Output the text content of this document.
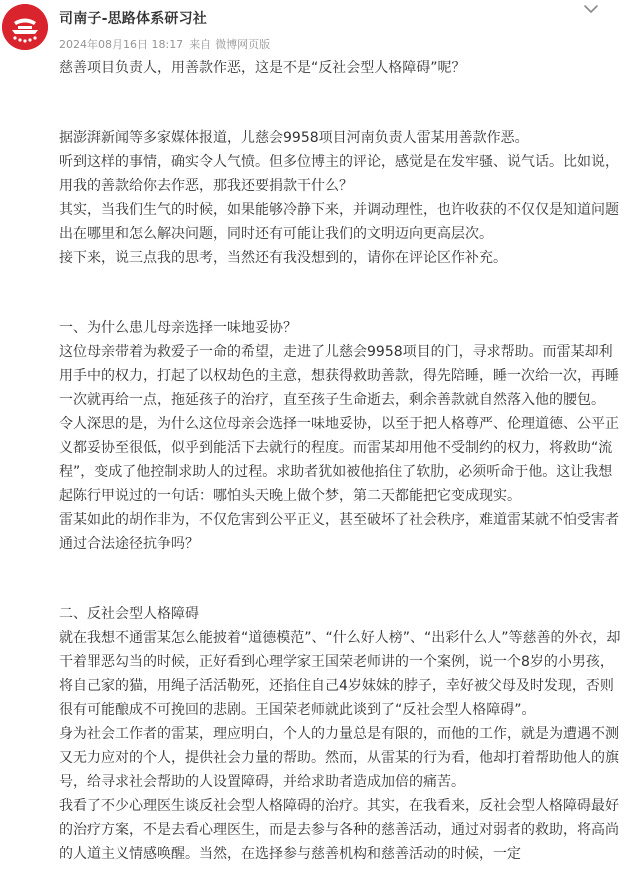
司南子-思路体系研习社
2024年08月16日 18:17 来自 微博网页版

慈善项目负责人，用善款作恶，这是不是“反社会型人格障碍”呢？

据澎湃新闻等多家媒体报道，儿慈会9958项目河南负责人雷某用善款作恶。

听到这样的事情，确实令人气愤。但多位博主的评论，感觉是在发牢骚、说气话。比如说，用我的善款给你去作恶，那我还要捐款干什么？

其实，当我们生气的时候，如果能够冷静下来，并调动理性，也许收获的不仅仅是知道问题出在哪里和怎么解决问题，同时还有可能让我们的文明迈向更高层次。

接下来，说三点我的思考，当然还有我没想到的，请你在评论区作补充。

一、为什么患儿母亲选择一味地妥协？

这位母亲带着为救爱子一命的希望，走进了儿慈会9958项目的门，寻求帮助。而雷某却利用手中的权力，打起了以权劫色的主意，想获得救助善款，得先陪睡，睡一次给一次，再睡一次就再给一点，拖延孩子的治疗，直至孩子生命逝去，剩余善款就自然落入他的腰包。

令人深思的是，为什么这位母亲会选择一味地妥协，以至于把人格尊严、伦理道德、公平正义都妥协至很低，似乎到能活下去就行的程度。而雷某却用他不受制约的权力，将救助“流程”，变成了他控制求助人的过程。求助者犹如被他掐住了软肋，必须听命于他。这让我想起陈行甲说过的一句话：哪怕头天晚上做个梦，第二天都能把它变成现实。

雷某如此的胡作非为，不仅危害到公平正义，甚至破坏了社会秩序，难道雷某就不怕受害者通过合法途径抗争吗？

二、反社会型人格障碍

就在我想不通雷某怎么能披着“道德模范”、“什么好人榜”、“出彩什么人”等慈善的外衣，却干着罪恶勾当的时候，正好看到心理学家王国荣老师讲的一个案例，说一个8岁的小男孩，将自己家的猫，用绳子活活勒死，还掐住自己4岁妹妹的脖子，幸好被父母及时发现，否则很有可能酿成不可挽回的悲剧。王国荣老师就此谈到了“反社会型人格障碍”。

身为社会工作者的雷某，理应明白，个人的力量总是有限的，而他的工作，就是为遭遇不测又无力应对的个人，提供社会力量的帮助。然而，从雷某的行为看，他却打着帮助他人的旗号，给寻求社会帮助的人设置障碍，并给求助者造成加倍的痛苦。

我看了不少心理医生谈反社会型人格障碍的治疗。其实，在我看来，反社会型人格障碍最好的治疗方案，不是去看心理医生，而是去参与各种的慈善活动，通过对弱者的救助，将高尚的人道主义情感唤醒。当然，在选择参与慈善机构和慈善活动的时候，一定
